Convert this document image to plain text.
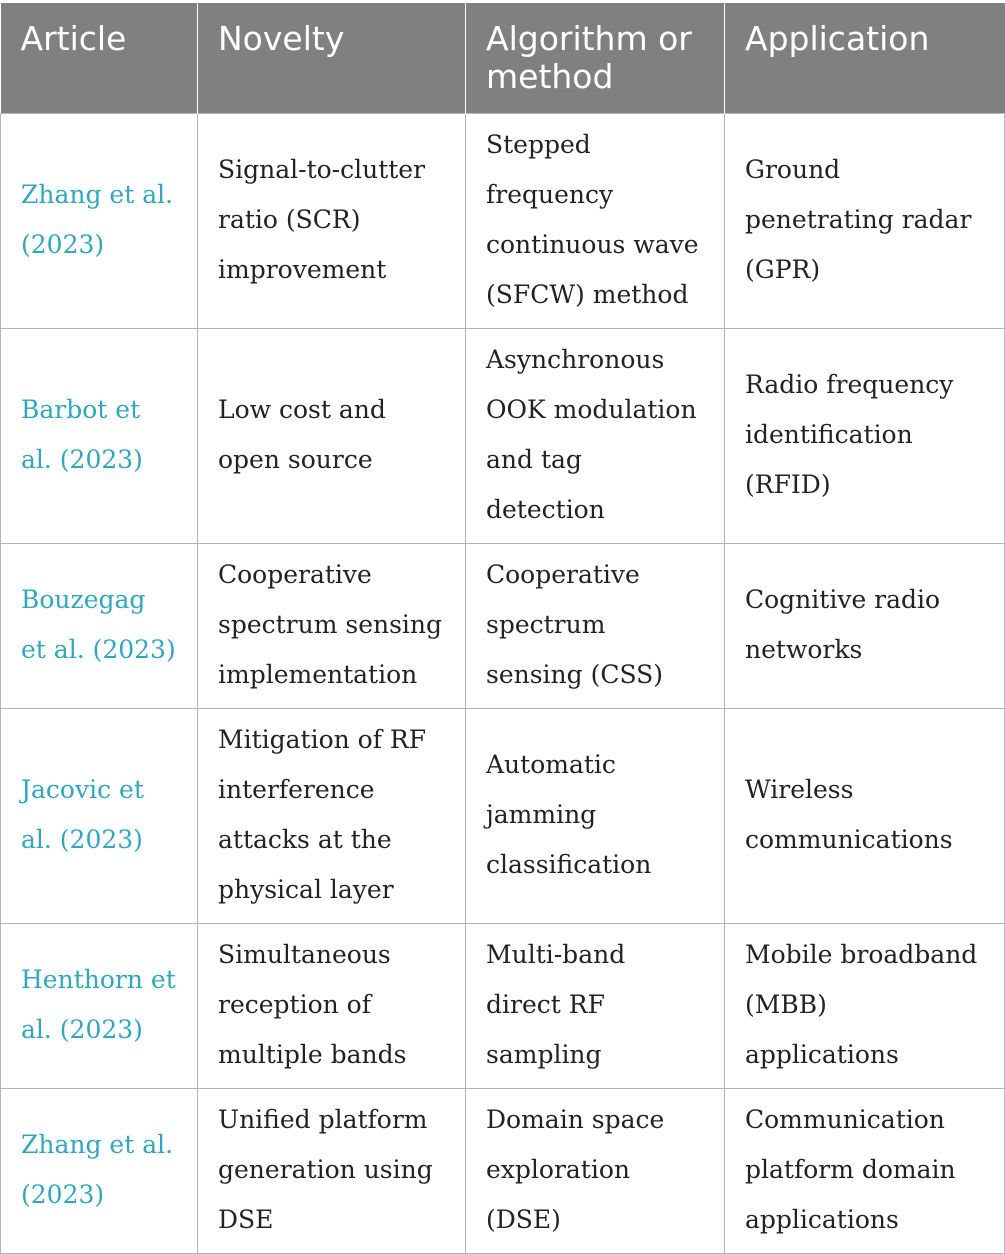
Article	Novelty	Algorithm or method	Application
Zhang et al. (2023)	Signal-to-clutter ratio (SCR) improvement	Stepped frequency continuous wave (SFCW) method	Ground penetrating radar (GPR)
Barbot et al. (2023)	Low cost and open source	Asynchronous OOK modulation and tag detection	Radio frequency identification (RFID)
Bouzegag et al. (2023)	Cooperative spectrum sensing implementation	Cooperative spectrum sensing (CSS)	Cognitive radio networks
Jacovic et al. (2023)	Mitigation of RF interference attacks at the physical layer	Automatic jamming classification	Wireless communications
Henthorn et al. (2023)	Simultaneous reception of multiple bands	Multi-band direct RF sampling	Mobile broadband (MBB) applications
Zhang et al. (2023)	Unified platform generation using DSE	Domain space exploration (DSE)	Communication platform domain applications
